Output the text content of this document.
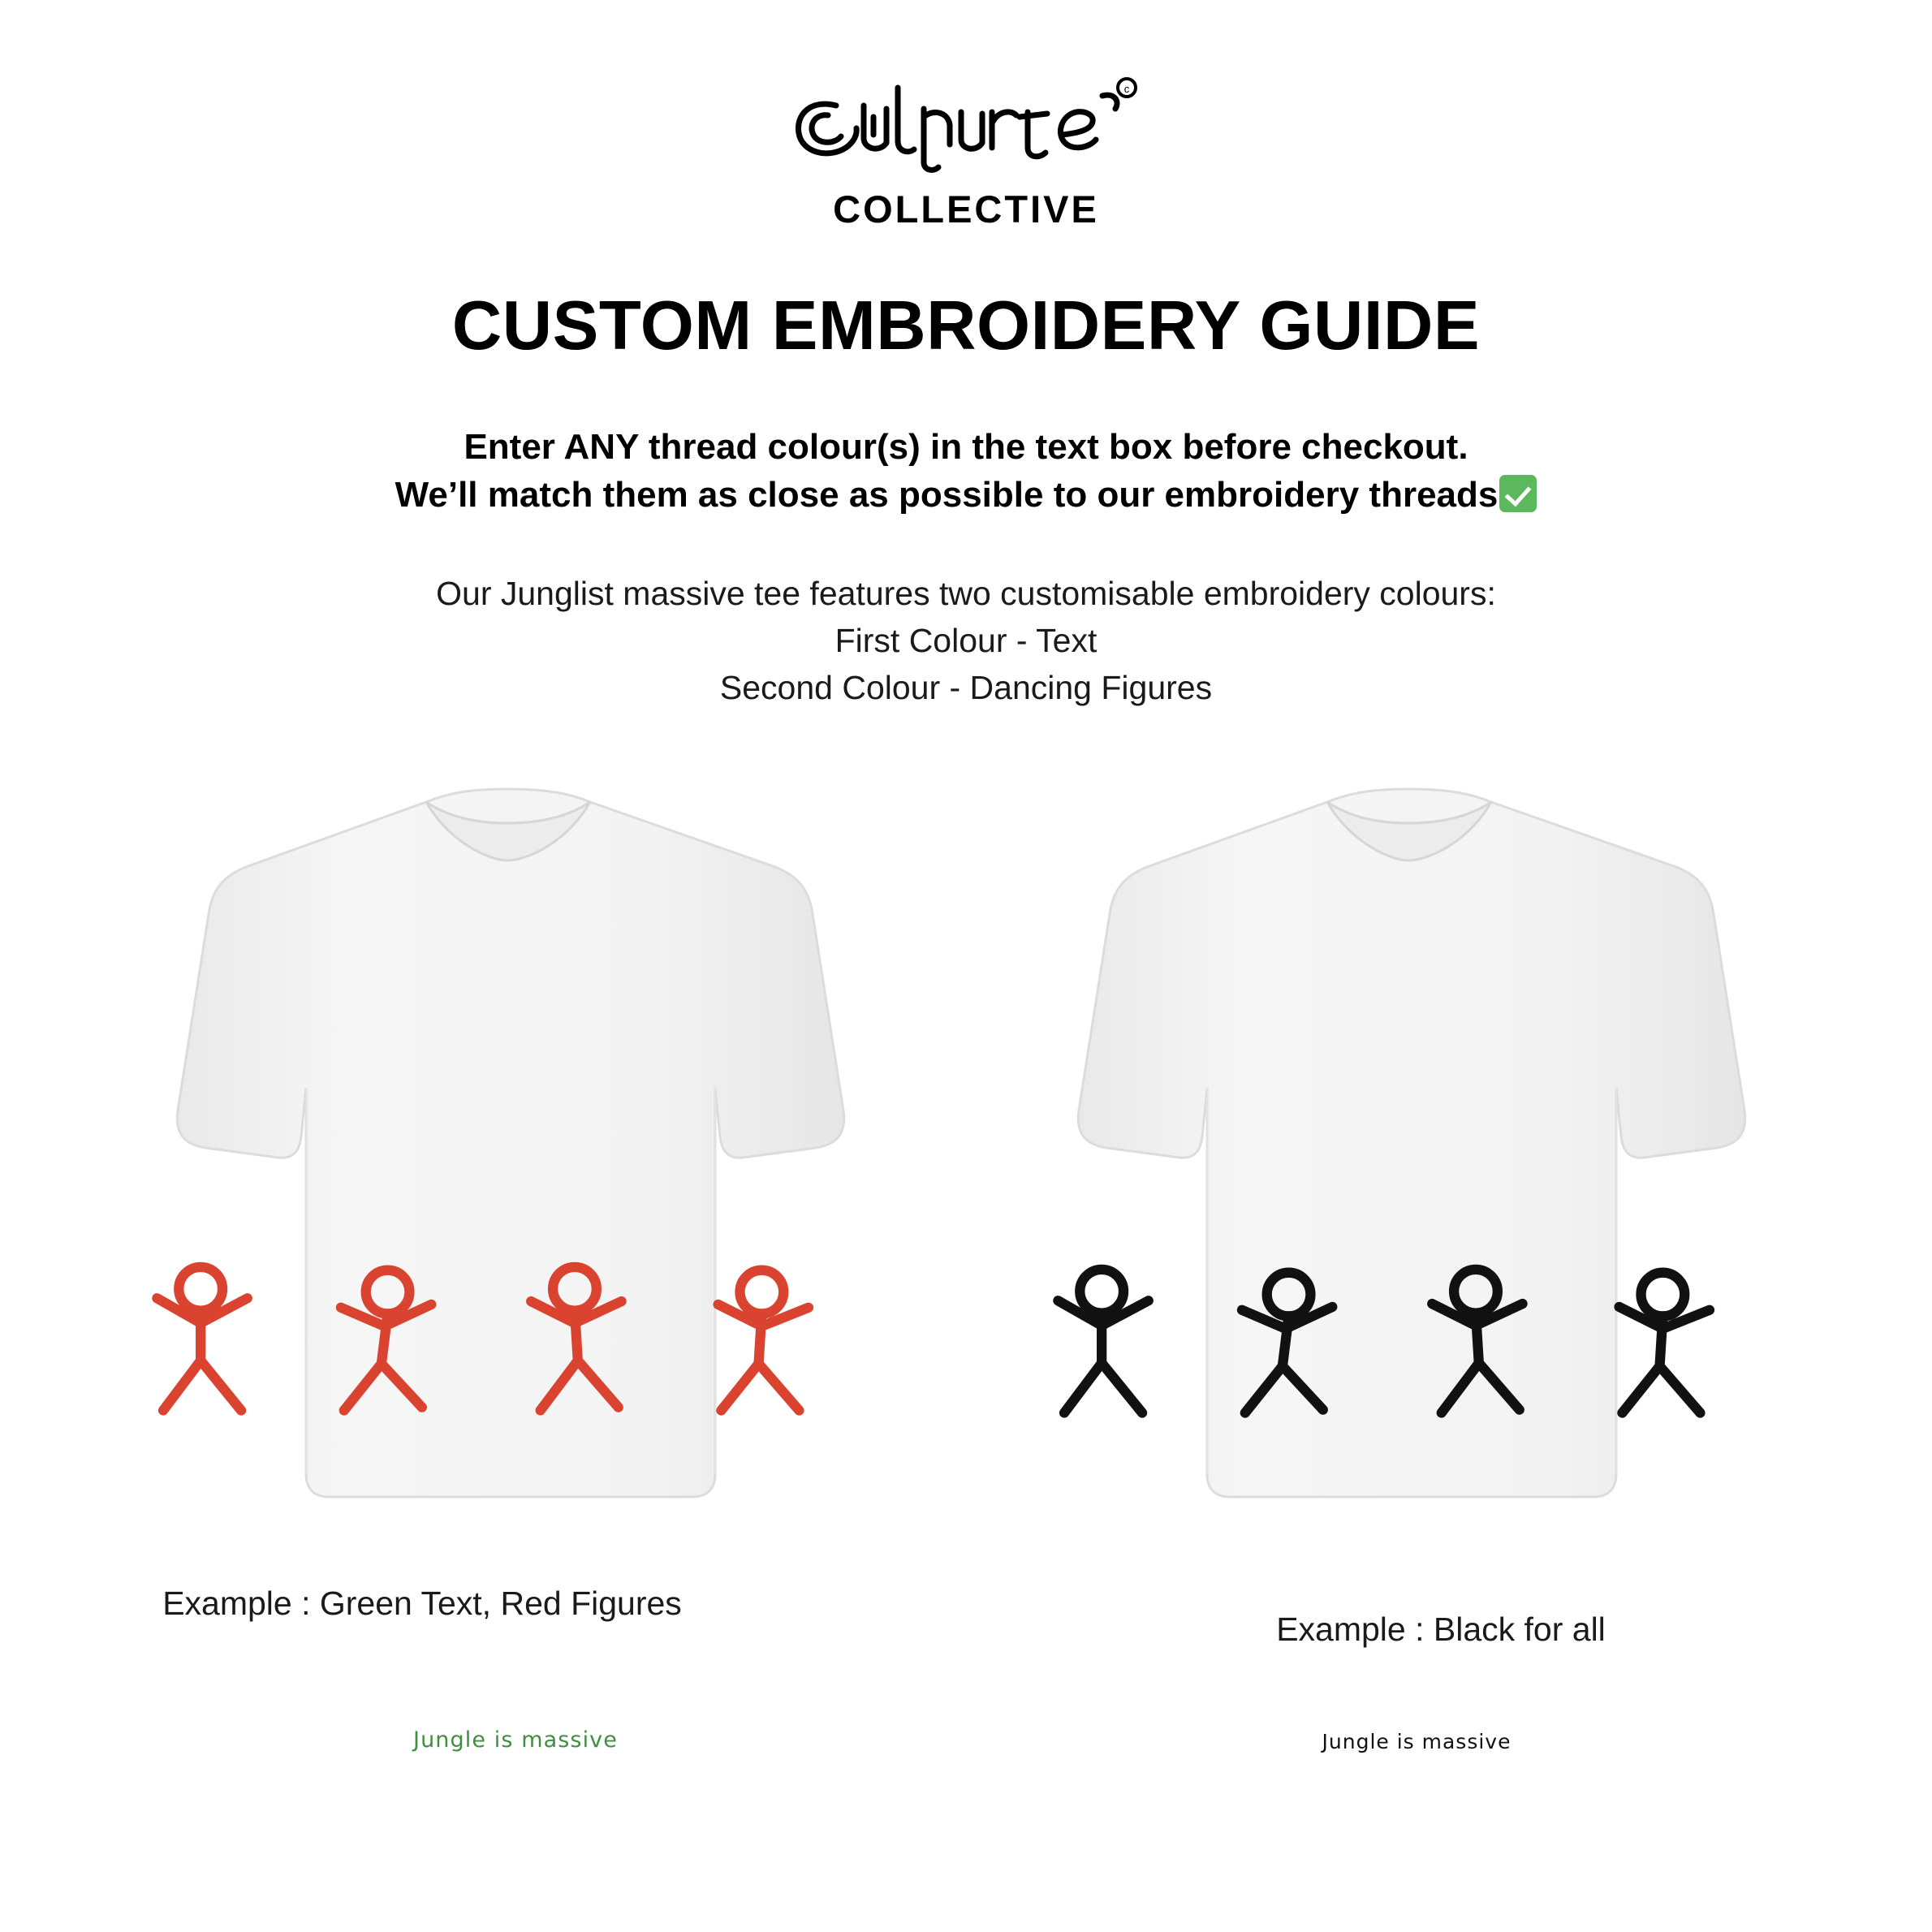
c
COLLECTIVE
CUSTOM EMBROIDERY GUIDE
Enter ANY thread colour(s) in the text box before checkout.
We’ll match them as close as possible to our embroidery threads
Our Junglist massive tee features two customisable embroidery colours:
First Colour - Text
Second Colour - Dancing Figures
Jungle is massive
Example : Green Text, Red Figures
Jungle is massive
Example : Black for all
